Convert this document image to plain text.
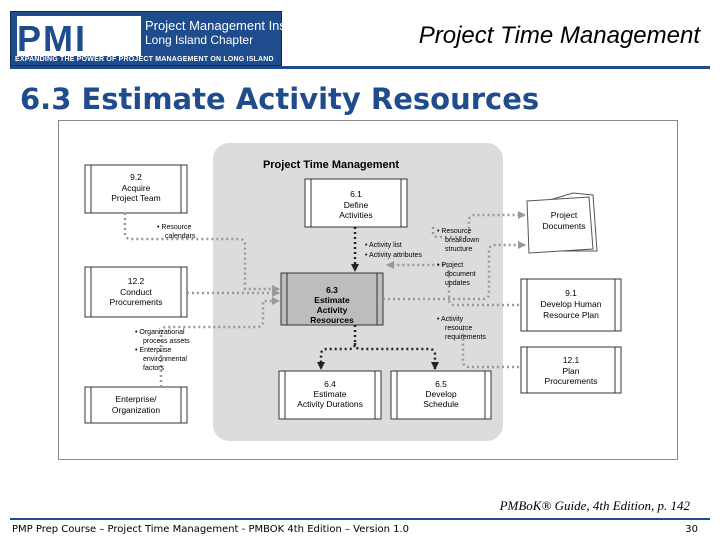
PMI	Project Management Institute
Long Island Chapter
EXPANDING THE POWER OF PROJECT MANAGEMENT ON LONG ISLAND
Project Time Management
6.3 Estimate Activity Resources
Project Time Management
9.2 Acquire Project Team	6.1 Define Activities
12.2 Conduct Procurements
6.3 Estimate Activity Resources
Enterprise/ Organization
6.4 Estimate Activity Durations
6.5 Develop Schedule
Project Documents
9.1 Develop Human Resource Plan
12.1 Plan Procurements
• Resource calendars
• Activity list • Activity attributes
• Resource breakdown structure • Project document updates
• Organizational process assets • Enterprise environmental factors
• Activity resource requirements
PMBoK® Guide, 4th Edition, p. 142
PMP Prep Course – Project Time Management - PMBOK 4th Edition – Version 1.0	30
